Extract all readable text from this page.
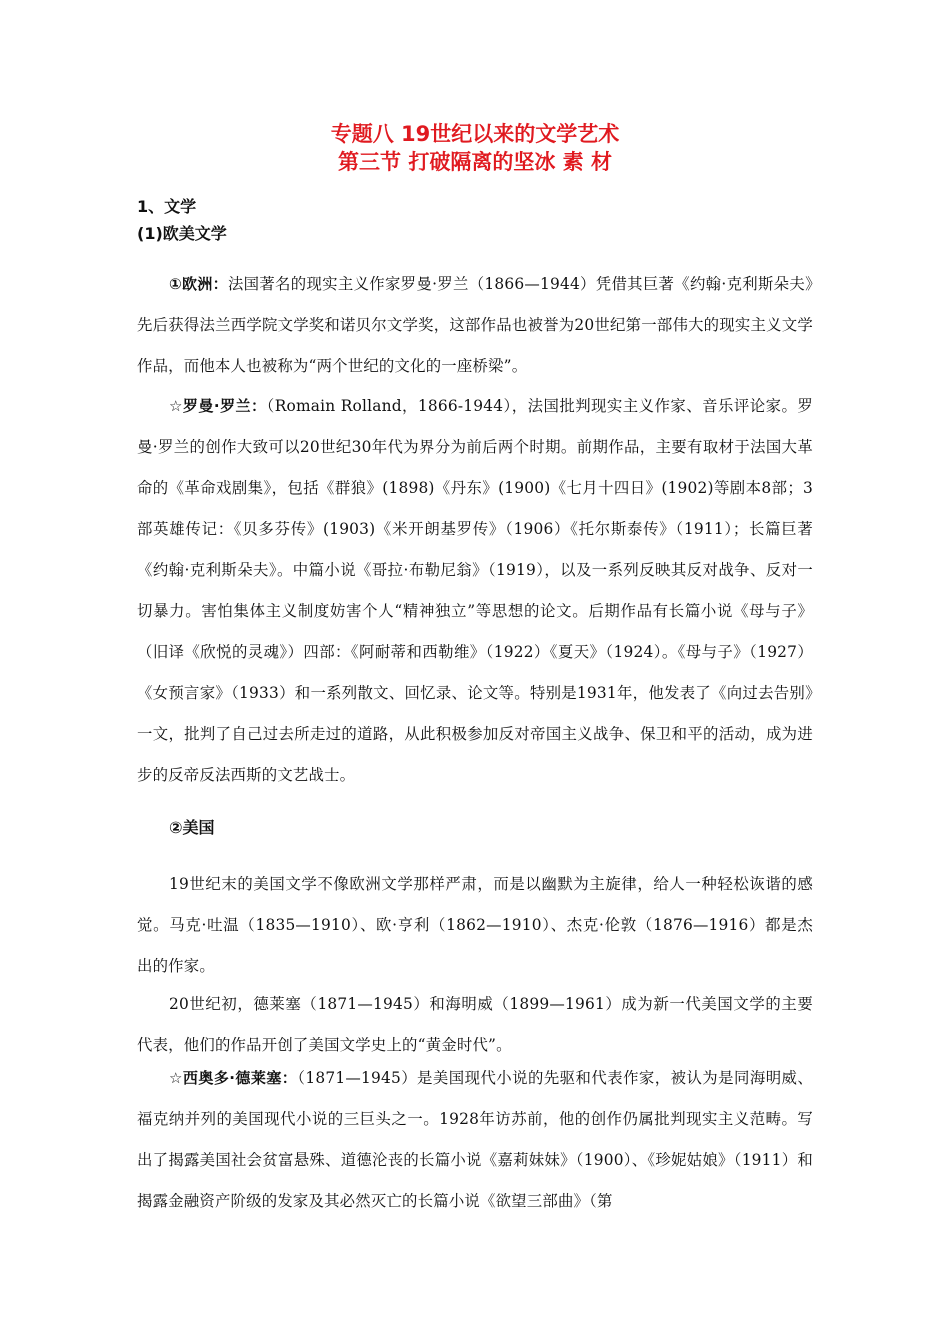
专题八 19世纪以来的文学艺术
第三节 打破隔离的坚冰 素 材
1、文学
(1)欧美文学

①欧洲：法国著名的现实主义作家罗曼·罗兰（1866—1944）凭借其巨著《约翰·克利斯朵夫》先后获得法兰西学院文学奖和诺贝尔文学奖，这部作品也被誉为20世纪第一部伟大的现实主义文学作品，而他本人也被称为“两个世纪的文化的一座桥梁”。

☆罗曼·罗兰：（Romain Rolland，1866-1944），法国批判现实主义作家、音乐评论家。罗曼·罗兰的创作大致可以20世纪30年代为界分为前后两个时期。前期作品，主要有取材于法国大革命的《革命戏剧集》，包括《群狼》(1898)《丹东》(1900)《七月十四日》(1902)等剧本8部；3部英雄传记：《贝多芬传》(1903)《米开朗基罗传》（1906）《托尔斯泰传》（1911）；长篇巨著《约翰·克利斯朵夫》。中篇小说《哥拉·布勒尼翁》（1919），以及一系列反映其反对战争、反对一切暴力。害怕集体主义制度妨害个人“精神独立”等思想的论文。后期作品有长篇小说《母与子》（旧译《欣悦的灵魂》）四部：《阿耐蒂和西勒维》（1922）《夏天》（1924）。《母与子》（1927）《女预言家》（1933）和一系列散文、回忆录、论文等。特别是1931年，他发表了《向过去告别》一文，批判了自己过去所走过的道路，从此积极参加反对帝国主义战争、保卫和平的活动，成为进步的反帝反法西斯的文艺战士。

②美国

19世纪末的美国文学不像欧洲文学那样严肃，而是以幽默为主旋律，给人一种轻松诙谐的感觉。马克·吐温（1835—1910）、欧·亨利（1862—1910）、杰克·伦敦（1876—1916）都是杰出的作家。

20世纪初，德莱塞（1871—1945）和海明威（1899—1961）成为新一代美国文学的主要代表，他们的作品开创了美国文学史上的“黄金时代”。

☆西奥多·德莱塞：（1871—1945）是美国现代小说的先驱和代表作家，被认为是同海明威、福克纳并列的美国现代小说的三巨头之一。1928年访苏前，他的创作仍属批判现实主义范畴。写出了揭露美国社会贫富悬殊、道德沦丧的长篇小说《嘉莉妹妹》（1900）、《珍妮姑娘》（1911）和揭露金融资产阶级的发家及其必然灭亡的长篇小说《欲望三部曲》（第
